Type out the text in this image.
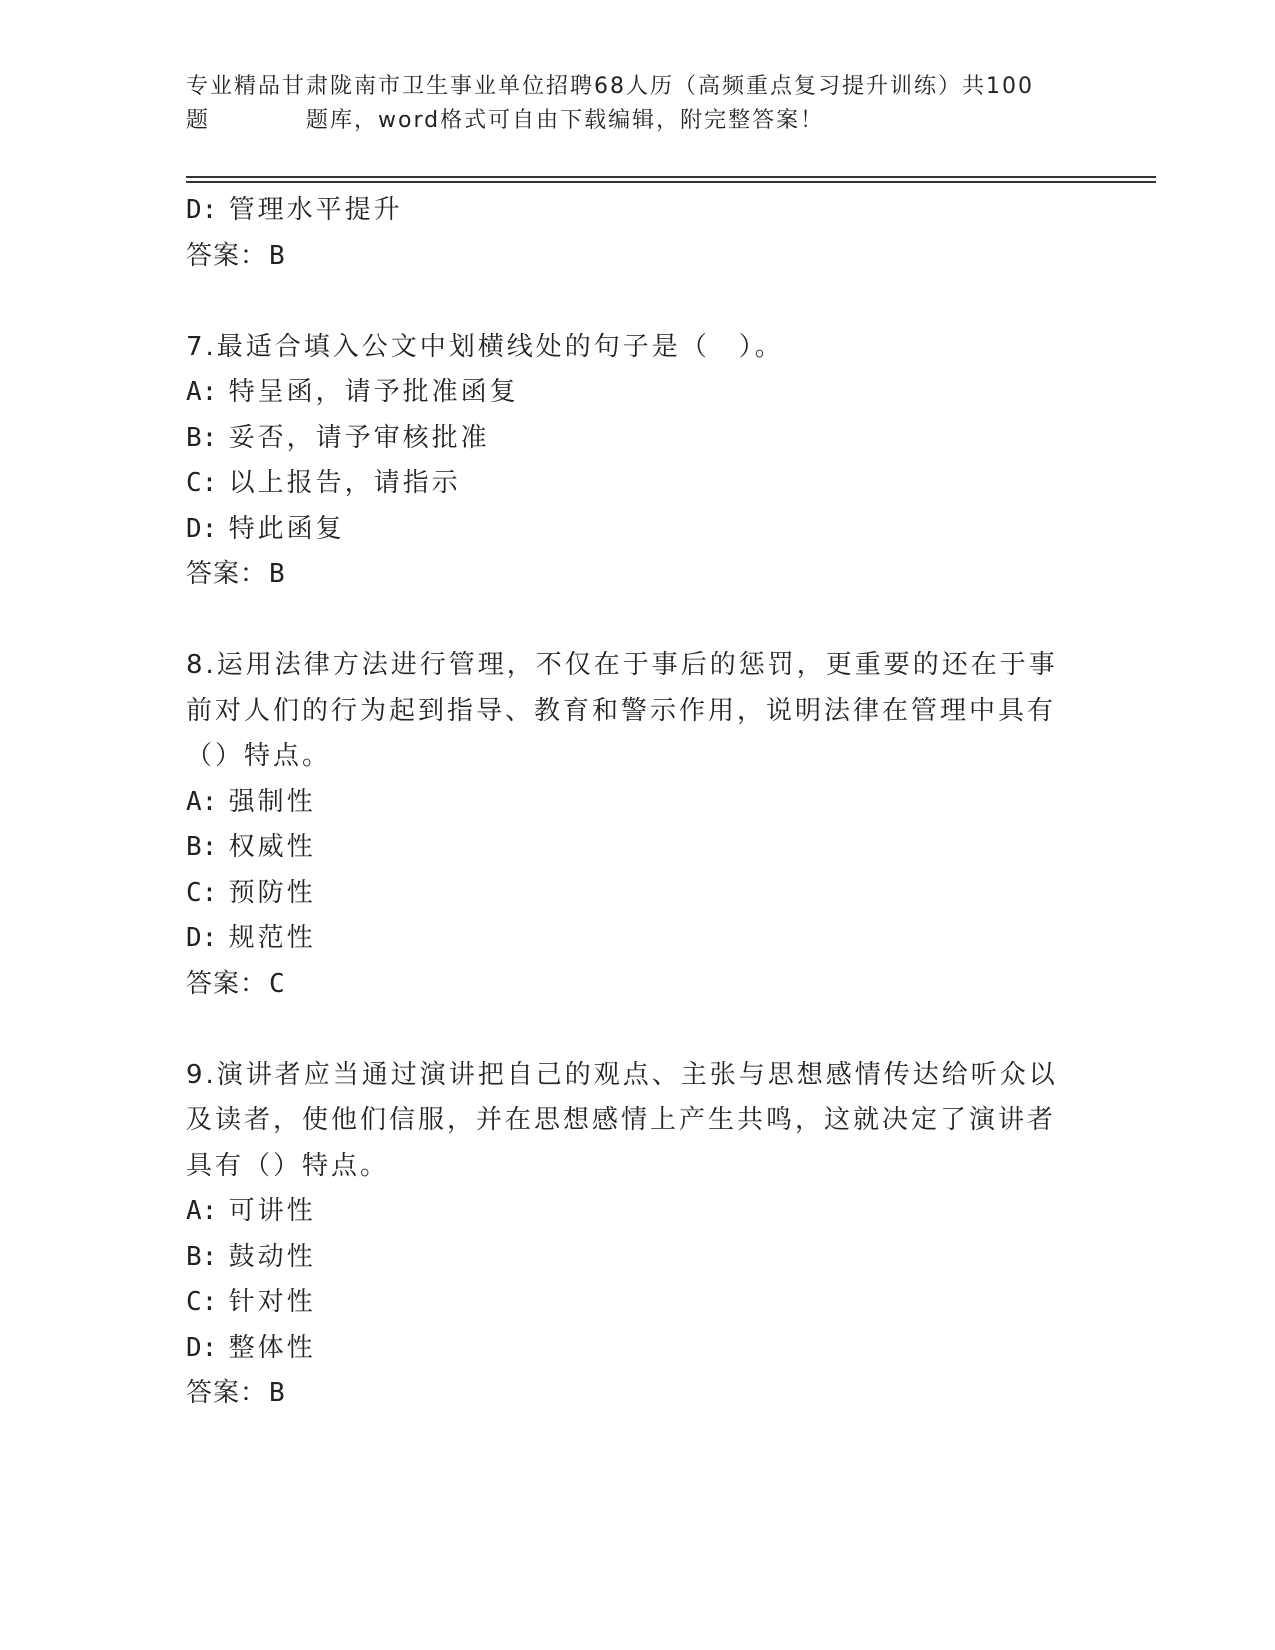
专业精品甘肃陇南市卫生事业单位招聘68人历（高频重点复习提升训练）共100
题	题库，word格式可自由下载编辑，附完整答案！
D: 管理水平提升
答案：B
7.最适合填入公文中划横线处的句子是（　）。
A: 特呈函，请予批准函复
B: 妥否，请予审核批准
C: 以上报告，请指示
D: 特此函复
答案：B
8.运用法律方法进行管理，不仅在于事后的惩罚，更重要的还在于事前对人们的行为起到指导、教育和警示作用，说明法律在管理中具有（）特点。
A: 强制性
B: 权威性
C: 预防性
D: 规范性
答案：C
9.演讲者应当通过演讲把自己的观点、主张与思想感情传达给听众以及读者，使他们信服，并在思想感情上产生共鸣，这就决定了演讲者具有（）特点。
A: 可讲性
B: 鼓动性
C: 针对性
D: 整体性
答案：B
